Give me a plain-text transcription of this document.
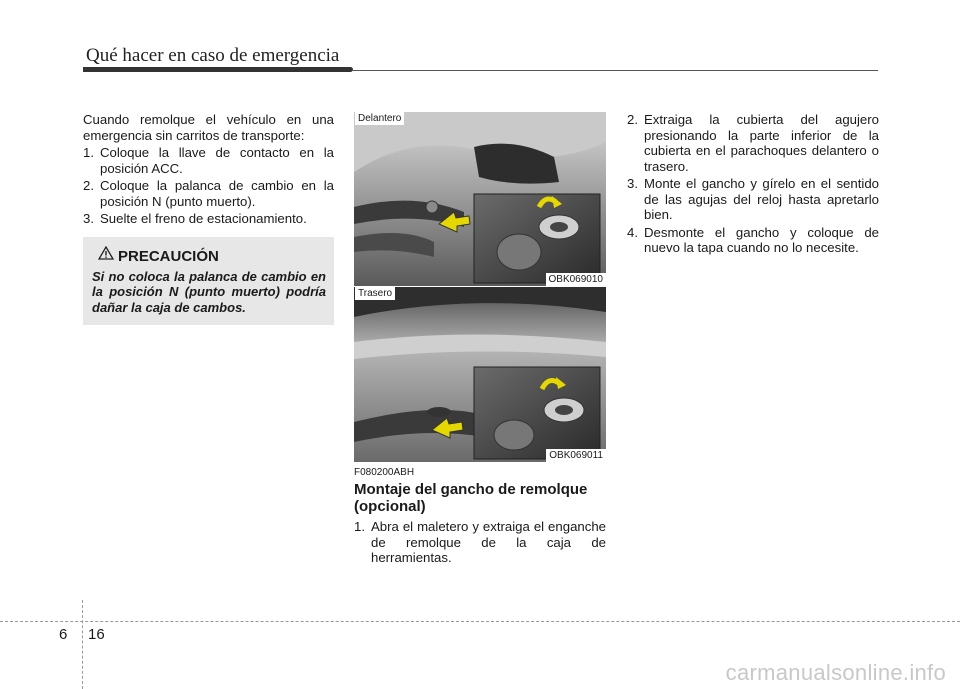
Qué hacer en caso de emergencia

Cuando remolque el vehículo en una emergencia sin carritos de transporte:

1. Coloque la llave de contacto en la posición ACC.
2. Coloque la palanca de cambio en la posición N (punto muerto).
3. Suelte el freno de estacionamiento.
PRECAUCIÓN
Si no coloca la palanca de cambio en la posición N (punto muerto) podría dañar la caja de cambos.
Delantero
OBK069010
Trasero
OBK069011
F080200ABH
Montaje del gancho de remolque (opcional)
1. Abra el maletero y extraiga el enganche de remolque de la caja de herramientas.
2. Extraiga la cubierta del agujero presionando la parte inferior de la cubierta en el parachoques delantero o trasero.
3. Monte el gancho y gírelo en el sentido de las agujas del reloj hasta apretarlo bien.
4. Desmonte el gancho y coloque de nuevo la tapa cuando no lo necesite.
6 16
carmanualsonline.info
